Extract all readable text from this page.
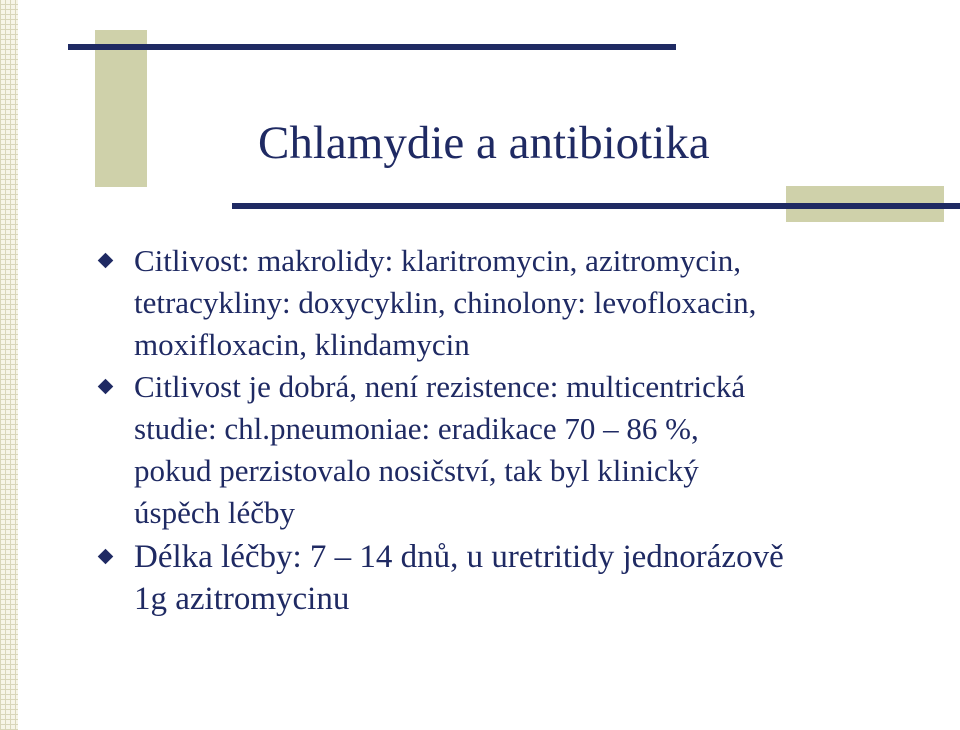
Chlamydie a antibiotika
Citlivost: makrolidy: klaritromycin, azitromycin,
tetracykliny: doxycyklin, chinolony: levofloxacin,
moxifloxacin, klindamycin
Citlivost je dobrá, není rezistence: multicentrická
studie: chl.pneumoniae: eradikace 70 – 86 %,
pokud perzistovalo nosičství, tak byl klinický
úspěch léčby
Délka léčby: 7 – 14 dnů, u uretritidy jednorázově
1g azitromycinu
